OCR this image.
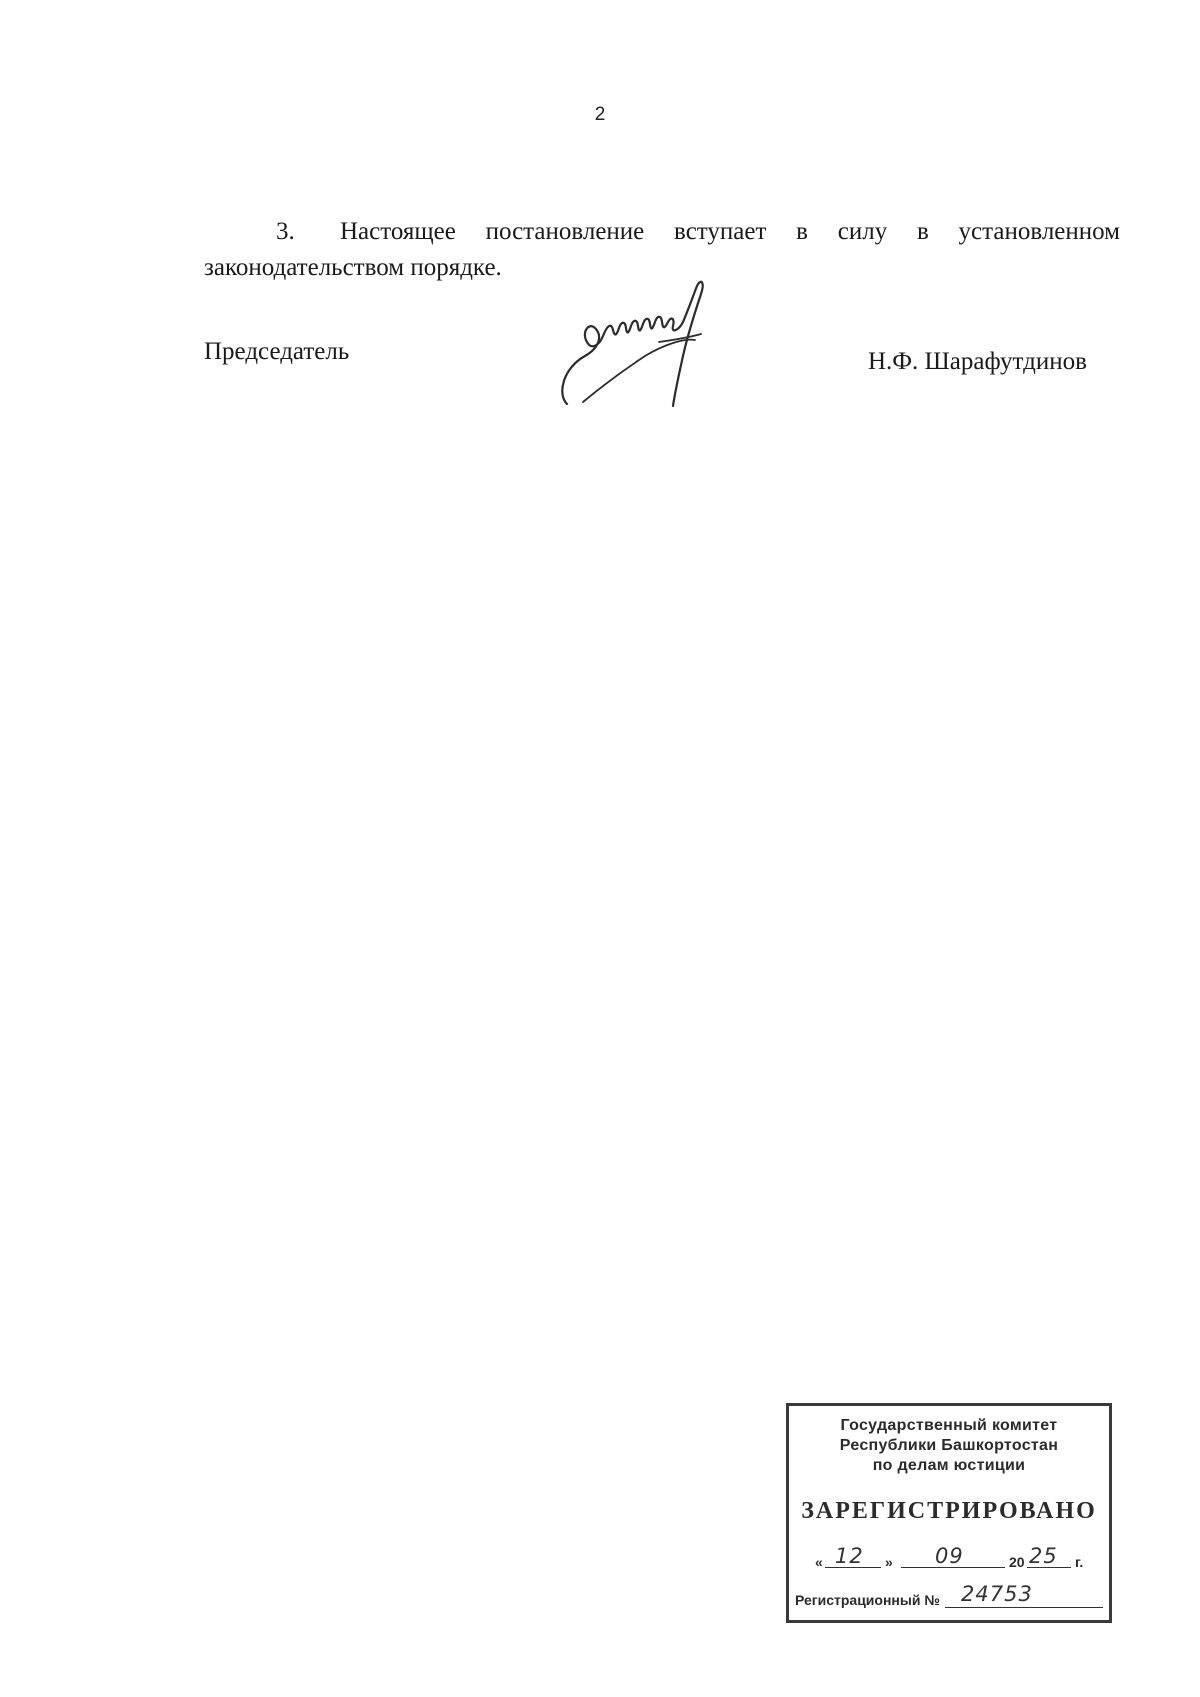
2
3. Настоящее постановление вступает в силу в установленном законодательством порядке.
Председатель	Н.Ф. Шарафутдинов
Государственный комитет
Республики Башкортостан
по делам юстиции
ЗАРЕГИСТРИРОВАНО
« 12 » 09	20 25 г.
Регистрационный № 24753
